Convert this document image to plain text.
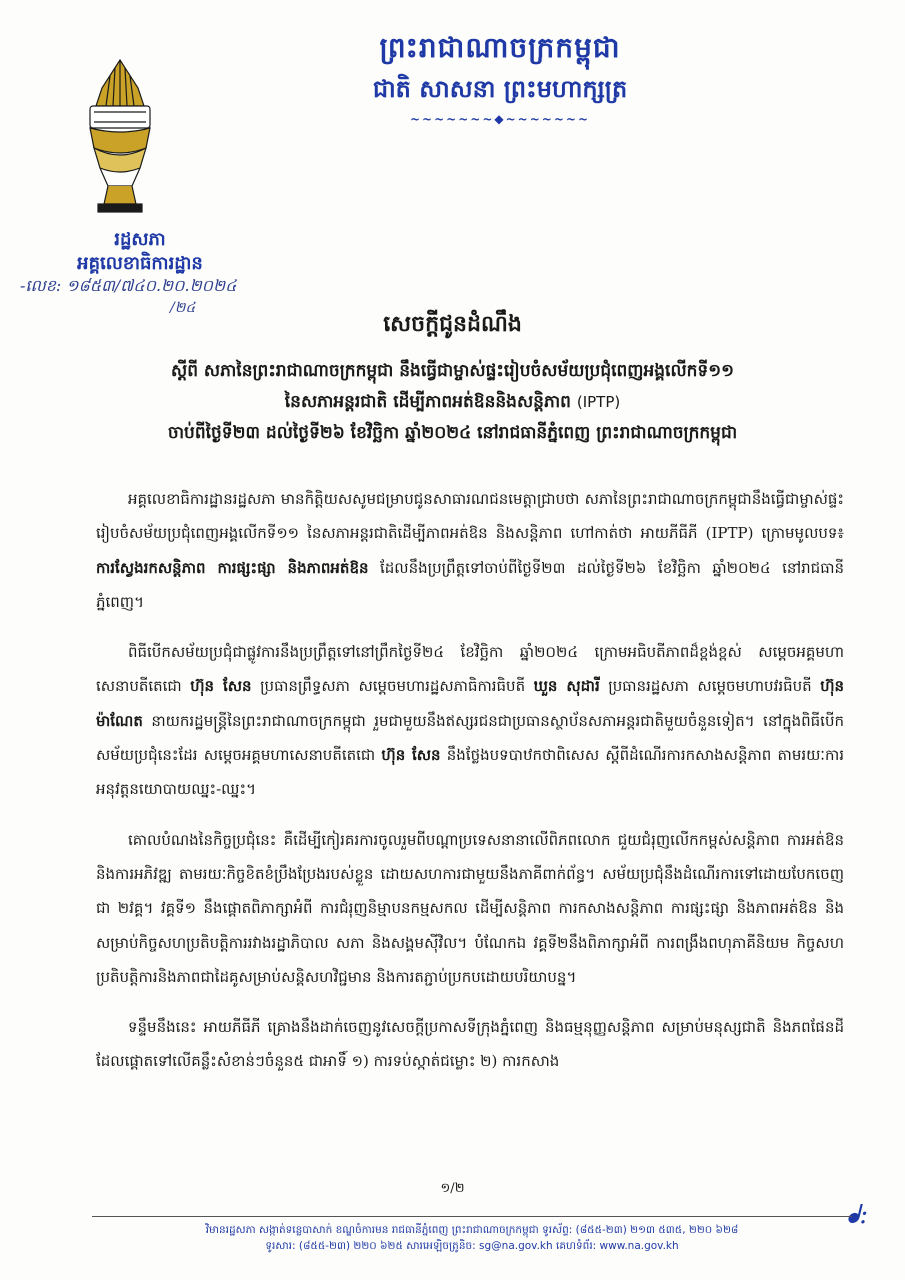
ព្រះរាជាណាចក្រកម្ពុជា
ជាតិ សាសនា ព្រះមហាក្សត្រ
~~~~~~~◆~~~~~~~
រដ្ឋសភា
អគ្គលេខាធិការដ្ឋាន
-លេខ: ១៨៥៣/៧៤០.២០.២០២៤
/២៤
សេចក្តីជូនដំណឹង
ស្តីពី សភានៃព្រះរាជាណាចក្រកម្ពុជា នឹងធ្វើជាម្ចាស់ផ្ទះរៀបចំសម័យប្រជុំពេញអង្គលើកទី១១
នៃសភាអន្តរជាតិ ដើម្បីភាពអត់ឱននិងសន្តិភាព (IPTP)
ចាប់ពីថ្ងៃទី២៣ ដល់ថ្ងៃទី២៦ ខែវិច្ឆិកា ឆ្នាំ២០២៤ នៅរាជធានីភ្នំពេញ ព្រះរាជាណាចក្រកម្ពុជា

អគ្គលេខាធិការដ្ឋានរដ្ឋសភា មានកិត្តិយសសូមជម្រាបជូនសាធារណជនមេត្តាជ្រាបថា សភានៃព្រះរាជាណាចក្រកម្ពុជានឹងធ្វើជាម្ចាស់ផ្ទះរៀបចំសម័យប្រជុំពេញអង្គលើកទី១១ នៃសភាអន្តរជាតិដើម្បីភាពអត់ឱន និងសន្តិភាព ហៅកាត់ថា អាយភីធីភី (IPTP) ក្រោមមូលបទ៖ ការស្វែងរកសន្តិភាព ការផ្សះផ្សា និងភាពអត់ឱន ដែលនឹងប្រព្រឹត្តទៅចាប់ពីថ្ងៃទី២៣ ដល់ថ្ងៃទី២៦ ខែវិច្ឆិកា ឆ្នាំ២០២៤ នៅរាជធានីភ្នំពេញ។

ពិធីបើកសម័យប្រជុំជាផ្លូវការនឹងប្រព្រឹត្តទៅនៅព្រឹកថ្ងៃទី២៤ ខែវិច្ឆិកា ឆ្នាំ២០២៤ ក្រោមអធិបតីភាពដ៏ខ្ពង់ខ្ពស់ សម្តេចអគ្គមហាសេនាបតីតេជោ ហ៊ុន សែន ប្រធានព្រឹទ្ធសភា សម្តេចមហារដ្ឋសភាធិការធិបតី ឃួន សុដារី ប្រធានរដ្ឋសភា សម្តេចមហាបវរធិបតី ហ៊ុន ម៉ាណែត នាយករដ្ឋមន្ត្រីនៃព្រះរាជាណាចក្រកម្ពុជា រួមជាមួយនឹងឥស្សរជនជាប្រធានស្ថាប័នសភាអន្តរជាតិមួយចំនួនទៀត។ នៅក្នុងពិធីបើកសម័យប្រជុំនេះដែរ សម្តេចអគ្គមហាសេនាបតីតេជោ ហ៊ុន សែន នឹងថ្លែងបទបាឋកថាពិសេស ស្តីពីដំណើរការកសាងសន្តិភាព តាមរយៈការអនុវត្តនយោបាយឈ្នះ-ឈ្នះ។

គោលបំណងនៃកិច្ចប្រជុំនេះ គឺដើម្បីកៀរគរការចូលរួមពីបណ្តាប្រទេសនានាលើពិភពលោក ជួយជំរុញលើកកម្ពស់សន្តិភាព ការអត់ឱន និងការអភិវឌ្ឍ តាមរយៈកិច្ចខិតខំប្រឹងប្រែងរបស់ខ្លួន ដោយសហការជាមួយនឹងភាគីពាក់ព័ន្ធ។ សម័យប្រជុំនឹងដំណើរការទៅដោយបែកចេញជា ២វគ្គ។ វគ្គទី១ នឹងផ្តោតពិភាក្សាអំពី ការជំរុញនិម្មាបនកម្មសកល ដើម្បីសន្តិភាព ការកសាងសន្តិភាព ការផ្សះផ្សា និងភាពអត់ឱន និងសម្រាប់កិច្ចសហប្រតិបត្តិការរវាងរដ្ឋាភិបាល សភា និងសង្គមស៊ីវិល។ បំណែកឯ វគ្គទី២នឹងពិភាក្សាអំពី ការពង្រឹងពហុភាគីនិយម កិច្ចសហប្រតិបត្តិការនិងភាពជាដៃគូសម្រាប់សន្តិសហវិជ្ជមាន និងការតភ្ជាប់ប្រកបដោយបរិយាបន្ន។

ទន្ទឹមនឹងនេះ អាយភីធីភី គ្រោងនឹងដាក់ចេញនូវសេចក្តីប្រកាសទីក្រុងភ្នំពេញ និងធម្មនុញ្ញសន្តិភាព សម្រាប់មនុស្សជាតិ និងភពផែនដី ដែលផ្តោតទៅលើគន្លឹះសំខាន់ៗចំនួន៥ ជាអាទិ៍ ១) ការទប់ស្កាត់ជម្លោះ ២) ការកសាង

១/២
ᖱ:
វិមានរដ្ឋសភា សង្កាត់ទន្លេបាសាក់ ខណ្ឌចំការមន រាជធានីភ្នំពេញ ព្រះរាជាណាចក្រកម្ពុជា ទូរស័ព្ទ: (៨៥៥-២៣) ២១៣ ៥៣៥, ២២០ ៦២៨
ទូរសារ: (៨៥៥-២៣) ២២០ ៦២៥ សារអេឡិចត្រូនិច: sg@na.gov.kh គេហទំព័រ: www.na.gov.kh
